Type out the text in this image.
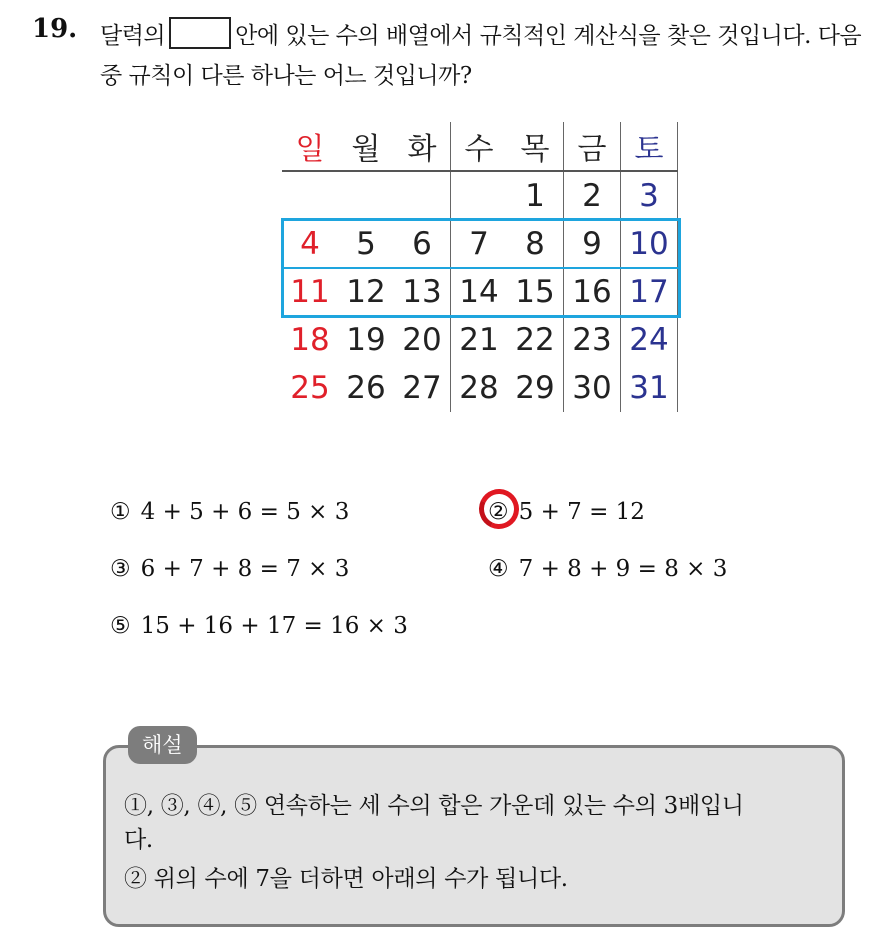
19. 달력의	안에 있는 수의 배열에서 규칙적인 계산식을 찾은 것입니다. 다음 중 규칙이 다른 하나는 어느 것입니까?
일	월	화	수	목	금	토
				1	2	3
4	5	6	7	8	9	10
11	12	13	14	15	16	17
18	19	20	21	22	23	24
25	26	27	28	29	30	31
① 4 + 5 + 6 = 5 × 3	② 5 + 7 = 12
③ 6 + 7 + 8 = 7 × 3	④ 7 + 8 + 9 = 8 × 3
⑤ 15 + 16 + 17 = 16 × 3
해설
①, ③, ④, ⑤ 연속하는 세 수의 합은 가운데 있는 수의 3배입니
다.
② 위의 수에 7을 더하면 아래의 수가 됩니다.
